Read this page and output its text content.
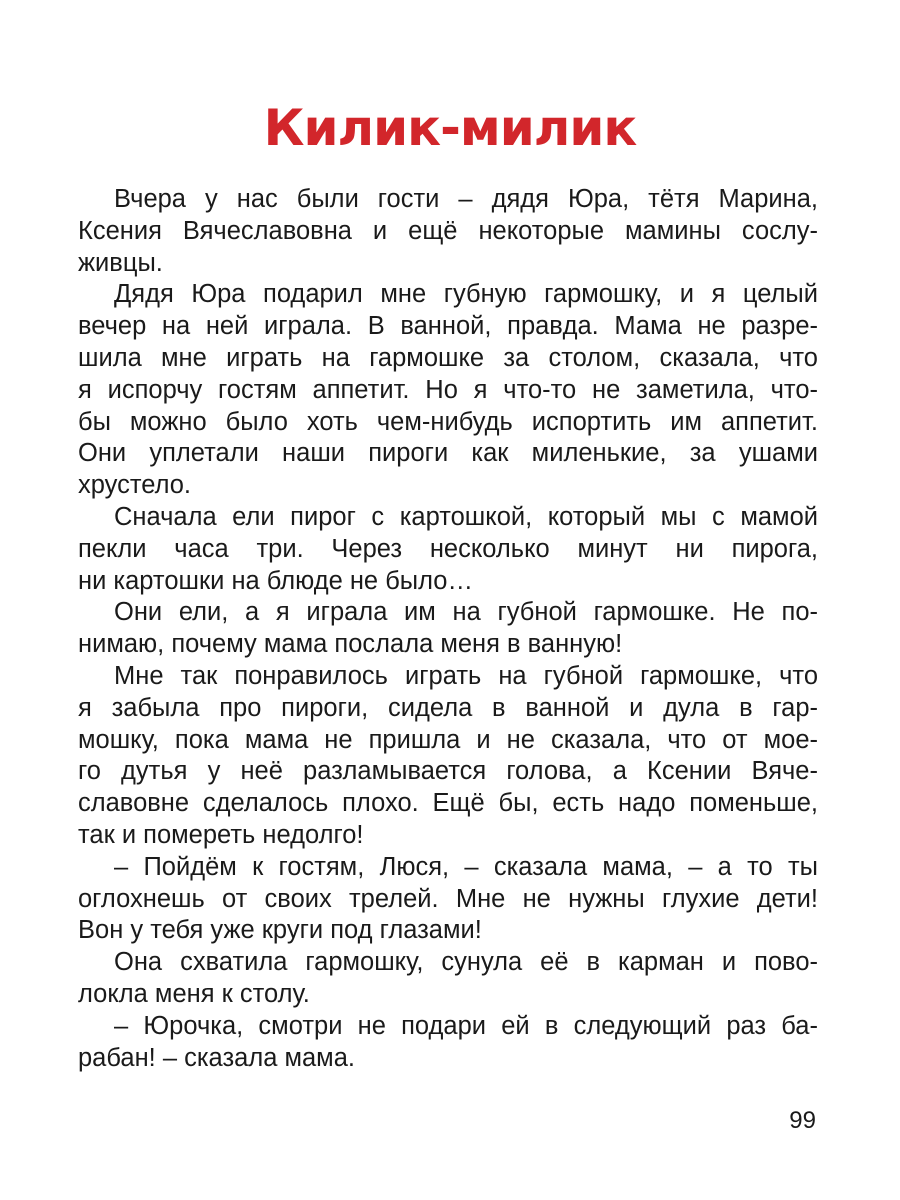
Килик-милик
Вчера у нас были гости – дядя Юра, тётя Марина,
Ксения Вячеславовна и ещё некоторые мамины сослу-
живцы.
Дядя Юра подарил мне губную гармошку, и я целый
вечер на ней играла. В ванной, правда. Мама не разре-
шила мне играть на гармошке за столом, сказала, что
я испорчу гостям аппетит. Но я что-то не заметила, что-
бы можно было хоть чем-нибудь испортить им аппетит.
Они уплетали наши пироги как миленькие, за ушами
хрустело.
Сначала ели пирог с картошкой, который мы с мамой
пекли часа три. Через несколько минут ни пирога,
ни картошки на блюде не было…
Они ели, а я играла им на губной гармошке. Не по-
нимаю, почему мама послала меня в ванную!
Мне так понравилось играть на губной гармошке, что
я забыла про пироги, сидела в ванной и дула в гар-
мошку, пока мама не пришла и не сказала, что от мое-
го дутья у неё разламывается голова, а Ксении Вяче-
славовне сделалось плохо. Ещё бы, есть надо поменьше,
так и помереть недолго!
– Пойдём к гостям, Люся, – сказала мама, – а то ты
оглохнешь от своих трелей. Мне не нужны глухие дети!
Вон у тебя уже круги под глазами!
Она схватила гармошку, сунула её в карман и пово-
локла меня к столу.
– Юрочка, смотри не подари ей в следующий раз ба-
рабан! – сказала мама.
99
